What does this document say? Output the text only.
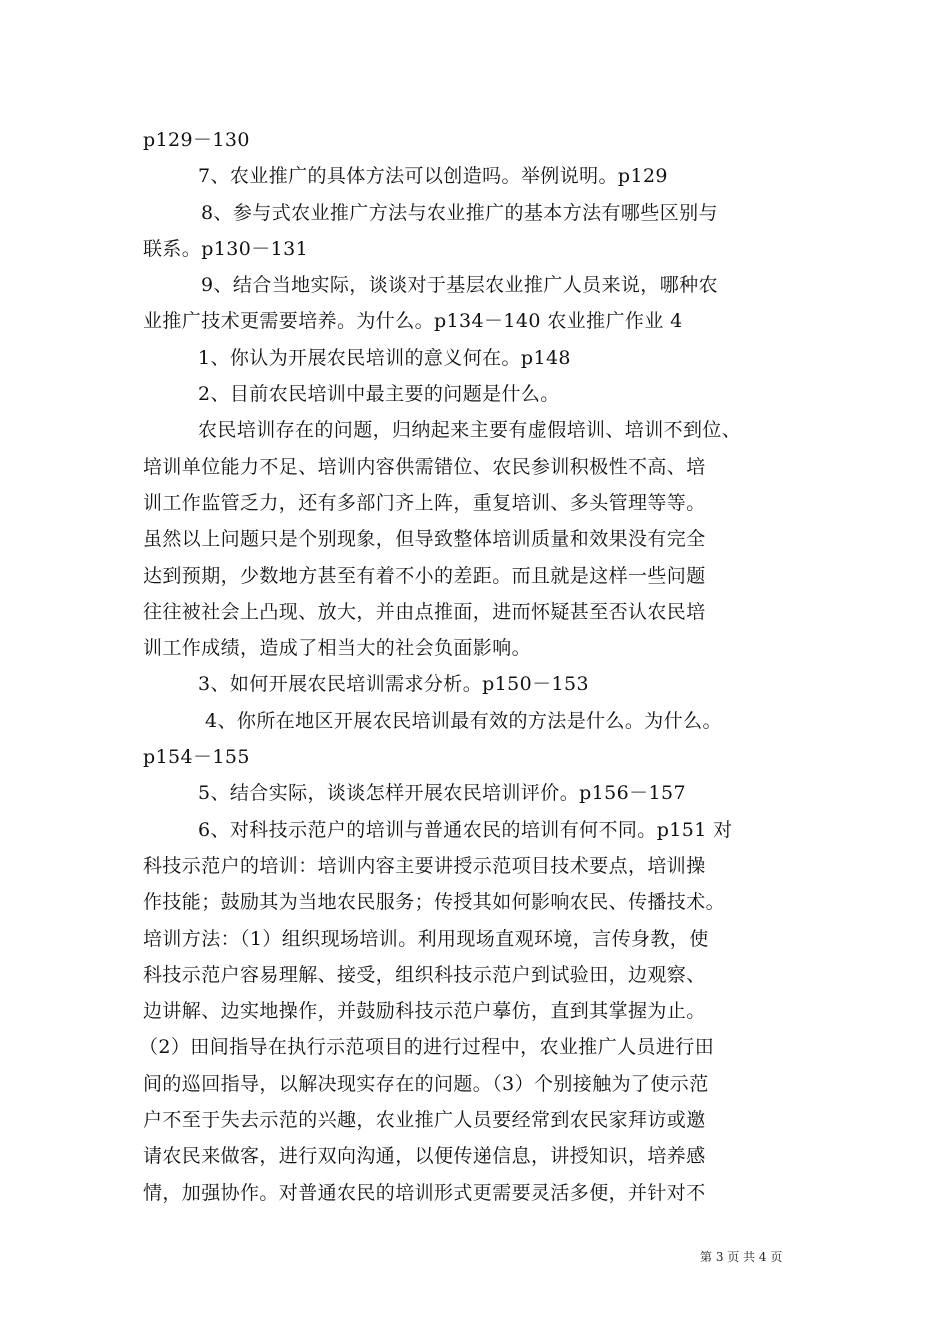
p129－130
7、农业推广的具体方法可以创造吗。举例说明。p129
8、参与式农业推广方法与农业推广的基本方法有哪些区别与
联系。p130－131
9、结合当地实际，谈谈对于基层农业推广人员来说，哪种农
业推广技术更需要培养。为什么。p134－140 农业推广作业 4
1、你认为开展农民培训的意义何在。p148
2、目前农民培训中最主要的问题是什么。
农民培训存在的问题，归纳起来主要有虚假培训、培训不到位、
培训单位能力不足、培训内容供需错位、农民参训积极性不高、培
训工作监管乏力，还有多部门齐上阵，重复培训、多头管理等等。
虽然以上问题只是个别现象，但导致整体培训质量和效果没有完全
达到预期，少数地方甚至有着不小的差距。而且就是这样一些问题
往往被社会上凸现、放大，并由点推面，进而怀疑甚至否认农民培
训工作成绩，造成了相当大的社会负面影响。
3、如何开展农民培训需求分析。p150－153
4、你所在地区开展农民培训最有效的方法是什么。为什么。
p154－155
5、结合实际，谈谈怎样开展农民培训评价。p156－157
6、对科技示范户的培训与普通农民的培训有何不同。p151 对
科技示范户的培训：培训内容主要讲授示范项目技术要点，培训操
作技能；鼓励其为当地农民服务；传授其如何影响农民、传播技术。
培训方法：（1）组织现场培训。利用现场直观环境，言传身教，使
科技示范户容易理解、接受，组织科技示范户到试验田，边观察、
边讲解、边实地操作，并鼓励科技示范户摹仿，直到其掌握为止。
（2）田间指导在执行示范项目的进行过程中，农业推广人员进行田
间的巡回指导，以解决现实存在的问题。（3）个别接触为了使示范
户不至于失去示范的兴趣，农业推广人员要经常到农民家拜访或邀
请农民来做客，进行双向沟通，以便传递信息，讲授知识，培养感
情，加强协作。对普通农民的培训形式更需要灵活多便，并针对不
第 3 页 共 4 页
